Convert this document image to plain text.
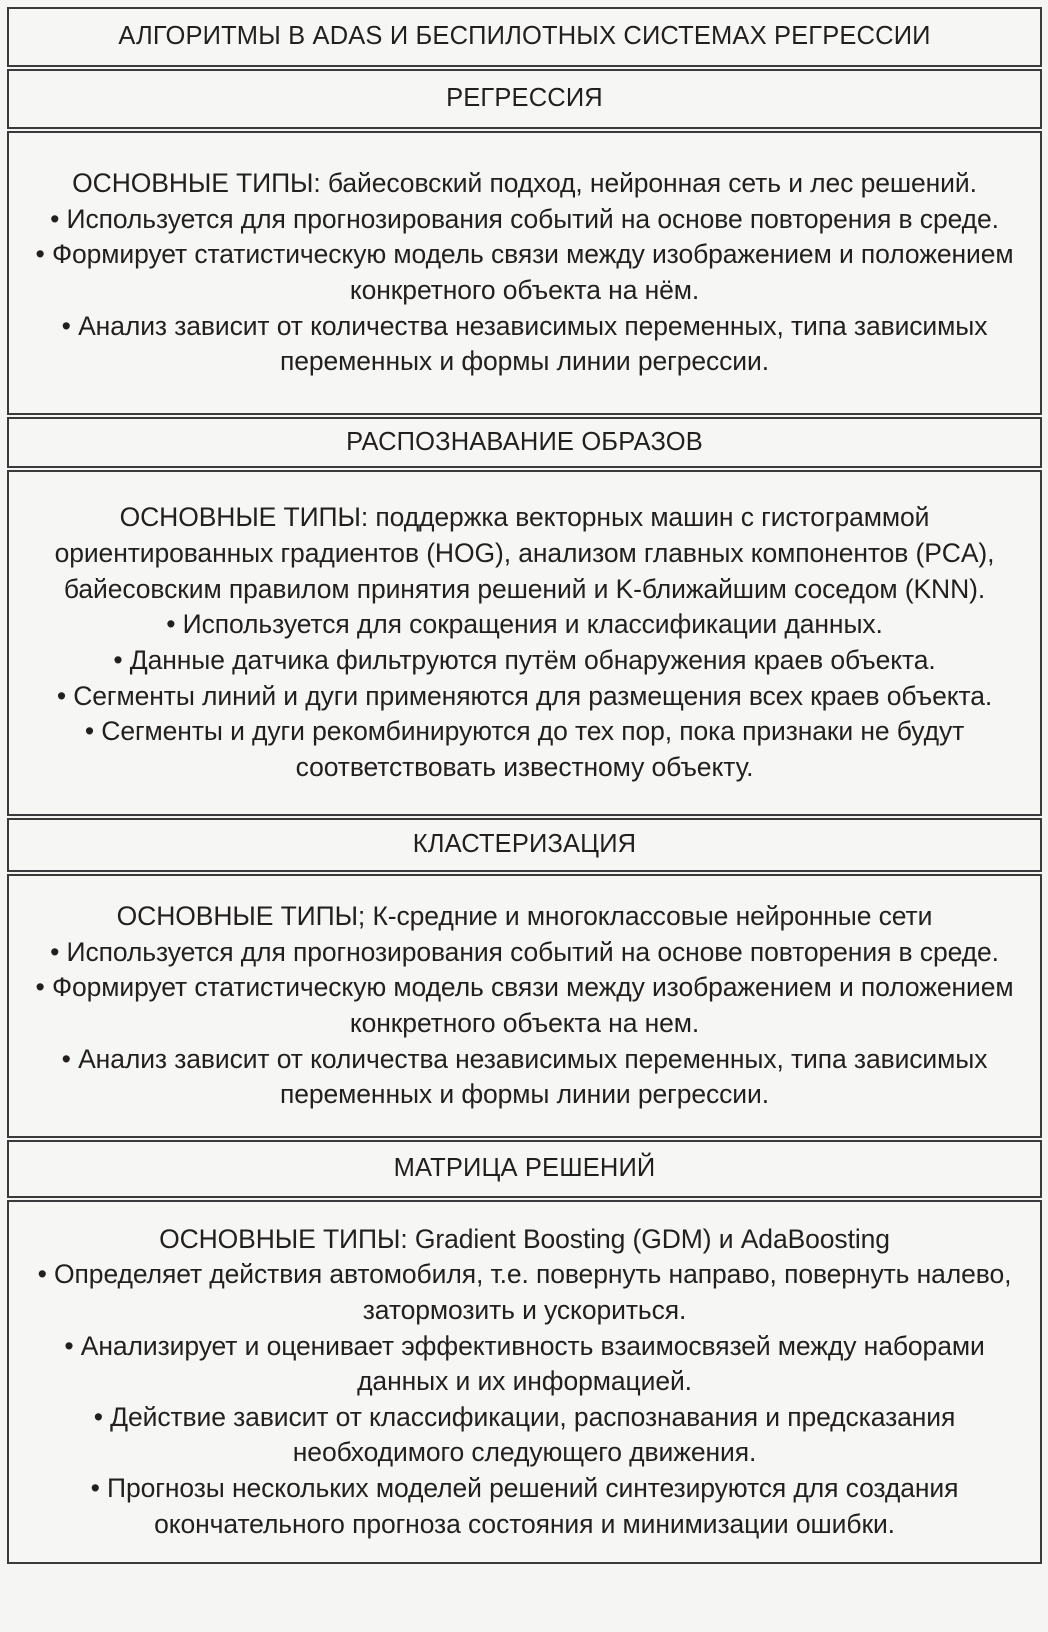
АЛГОРИТМЫ В ADAS И БЕСПИЛОТНЫХ СИСТЕМАХ РЕГРЕССИИ

РЕГРЕССИЯ

ОСНОВНЫЕ ТИПЫ: байесовский подход, нейронная сеть и лес решений.
• Используется для прогнозирования событий на основе повторения в среде.
• Формирует статистическую модель связи между изображением и положением конкретного объекта на нём.
• Анализ зависит от количества независимых переменных, типа зависимых переменных и формы линии регрессии.

РАСПОЗНАВАНИЕ ОБРАЗОВ

ОСНОВНЫЕ ТИПЫ: поддержка векторных машин с гистограммой ориентированных градиентов (HOG), анализом главных компонентов (PCA), байесовским правилом принятия решений и K-ближайшим соседом (KNN).
• Используется для сокращения и классификации данных.
• Данные датчика фильтруются путём обнаружения краев объекта.
• Сегменты линий и дуги применяются для размещения всех краев объекта.
• Сегменты и дуги рекомбинируются до тех пор, пока признаки не будут соответствовать известному объекту.

КЛАСТЕРИЗАЦИЯ

ОСНОВНЫЕ ТИПЫ; К-средние и многоклассовые нейронные сети
• Используется для прогнозирования событий на основе повторения в среде.
• Формирует статистическую модель связи между изображением и положением конкретного объекта на нем.
• Анализ зависит от количества независимых переменных, типа зависимых переменных и формы линии регрессии.

МАТРИЦА РЕШЕНИЙ

ОСНОВНЫЕ ТИПЫ: Gradient Boosting (GDM) и AdaBoosting
• Определяет действия автомобиля, т.е. повернуть направо, повернуть налево, затормозить и ускориться.
• Анализирует и оценивает эффективность взаимосвязей между наборами данных и их информацией.
• Действие зависит от классификации, распознавания и предсказания необходимого следующего движения.
• Прогнозы нескольких моделей решений синтезируются для создания окончательного прогноза состояния и минимизации ошибки.
